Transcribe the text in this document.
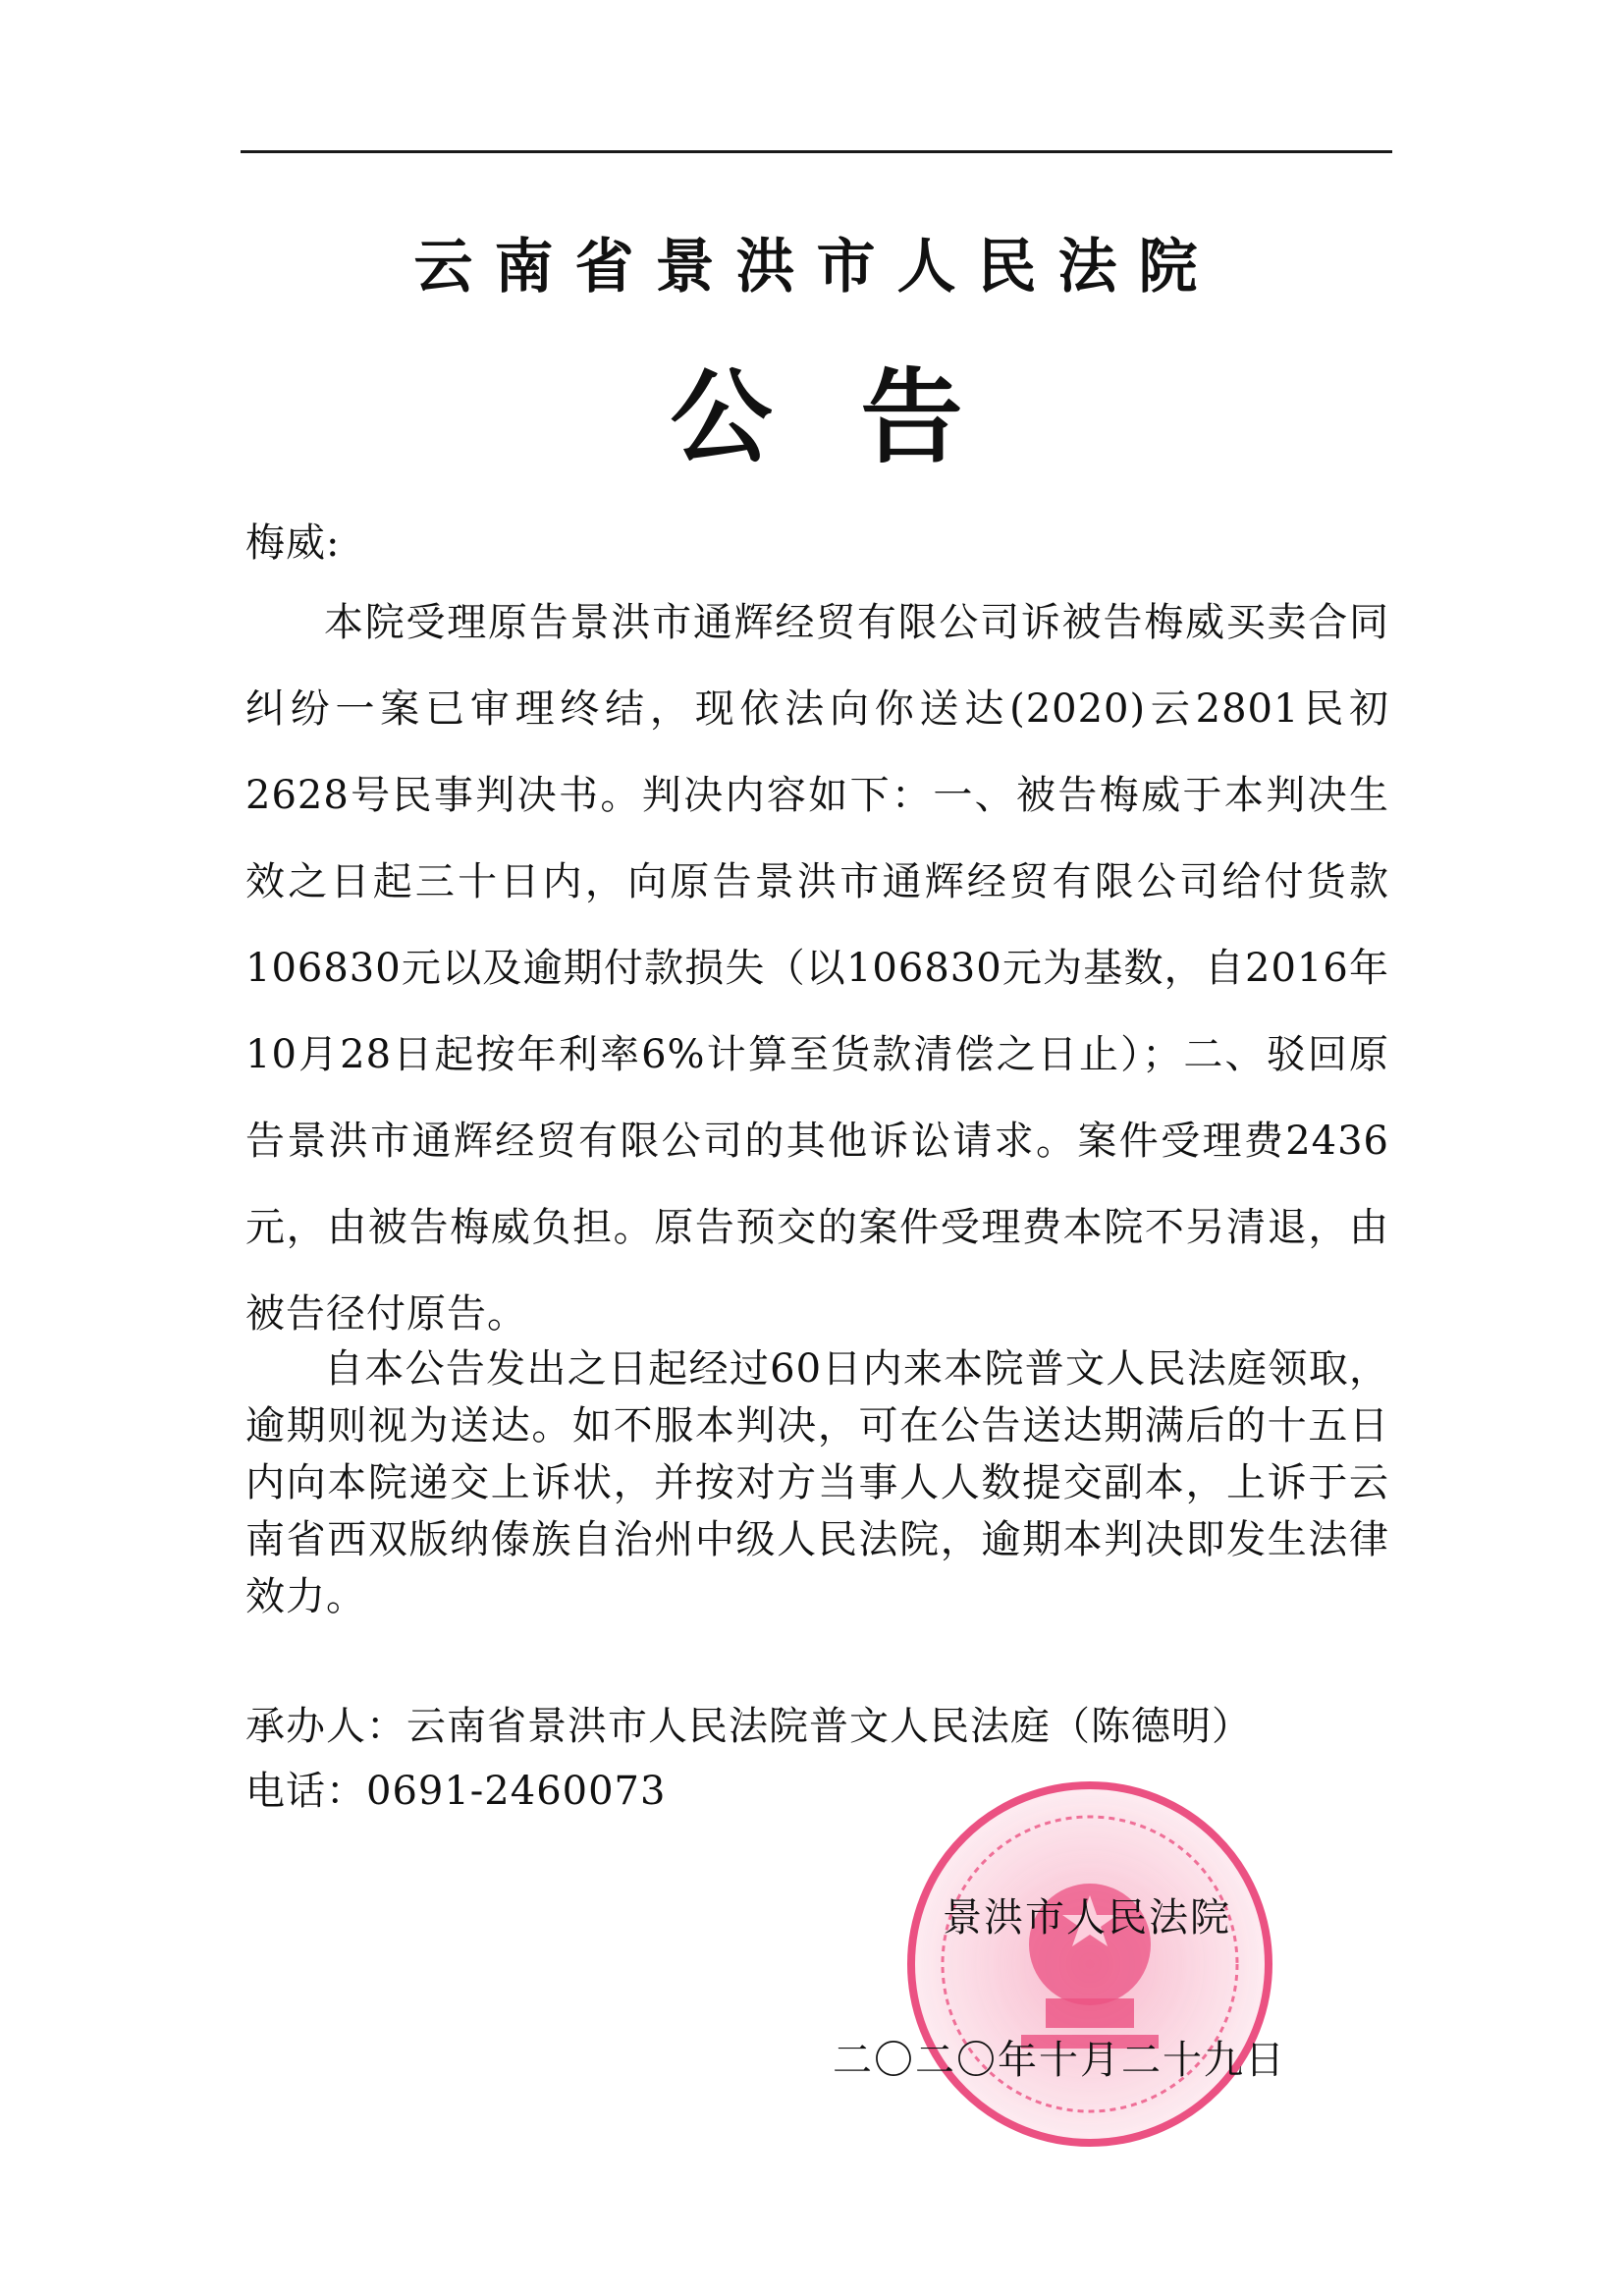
云南省景洪市人民法院
公告
梅威:
本院受理原告景洪市通辉经贸有限公司诉被告梅威买卖合同纠纷一案已审理终结，现依法向你送达(2020)云2801民初2628号民事判决书。判决内容如下：一、被告梅威于本判决生效之日起三十日内，向原告景洪市通辉经贸有限公司给付货款106830元以及逾期付款损失（以106830元为基数，自2016年10月28日起按年利率6%计算至货款清偿之日止）；二、驳回原告景洪市通辉经贸有限公司的其他诉讼请求。案件受理费2436元，由被告梅威负担。原告预交的案件受理费本院不另清退，由被告径付原告。
自本公告发出之日起经过60日内来本院普文人民法庭领取，逾期则视为送达。如不服本判决，可在公告送达期满后的十五日内向本院递交上诉状，并按对方当事人人数提交副本，上诉于云南省西双版纳傣族自治州中级人民法院，逾期本判决即发生法律效力。
承办人：云南省景洪市人民法院普文人民法庭（陈德明）
电话：0691-2460073
景洪市人民法院
二〇二〇年十月二十九日
